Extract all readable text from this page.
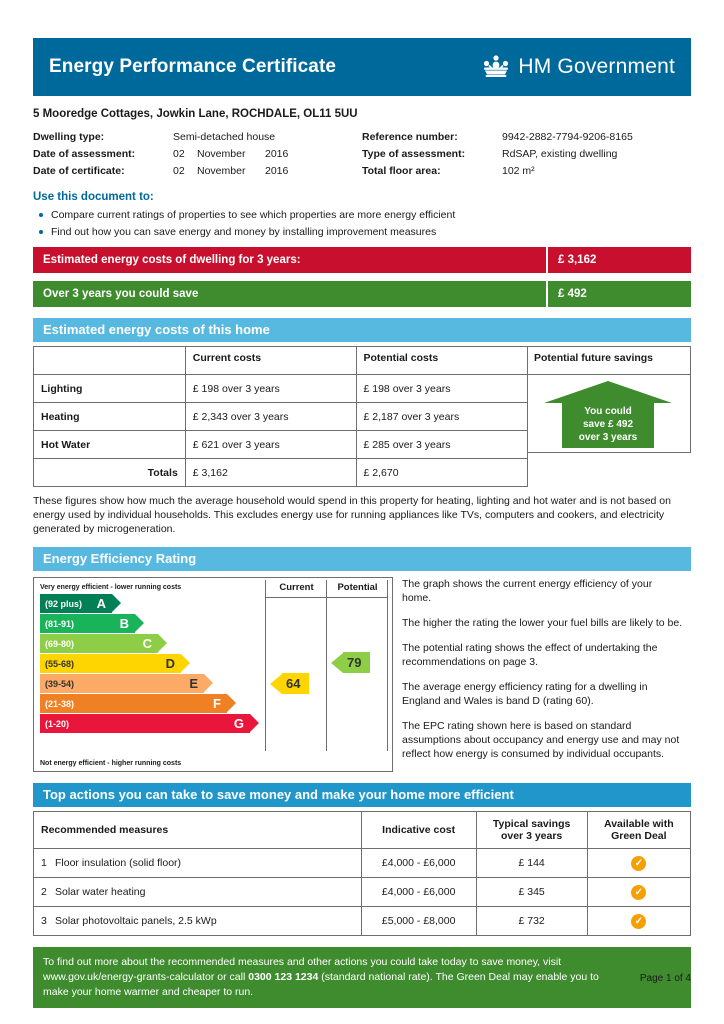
Energy Performance Certificate	HM Government
5 Mooredge Cottages, Jowkin Lane, ROCHDALE, OL11 5UU
Dwelling type:	Semi-detached house
Date of assessment:	02 November 2016
Date of certificate:	02 November 2016
Reference number:	9942-2882-7794-9206-8165
Type of assessment:	RdSAP, existing dwelling
Total floor area:	102 m²
Use this document to:
Compare current ratings of properties to see which properties are more energy efficient
Find out how you can save energy and money by installing improvement measures
Estimated energy costs of dwelling for 3 years:	£ 3,162
Over 3 years you could save	£ 492
Estimated energy costs of this home
	Current costs	Potential costs
Lighting	£ 198 over 3 years	£ 198 over 3 years
Heating	£ 2,343 over 3 years	£ 2,187 over 3 years
Hot Water	£ 621 over 3 years	£ 285 over 3 years
Totals	£ 3,162	£ 2,670
Potential future savings
You could
save £ 492
over 3 years
These figures show how much the average household would spend in this property for heating, lighting and hot water and is not based on energy used by individual households. This excludes energy use for running appliances like TVs, computers and cookers, and electricity generated by microgeneration.
Energy Efficiency Rating
Very energy efficient - lower running costs	Current	Potential
(92 plus) A
(81-91)	B
(69-80)	C
(55-68)	D
(39-54)	E
(21-38)	F
(1-20)	G
64
79
Not energy efficient - higher running costs

The graph shows the current energy efficiency of your home.

The higher the rating the lower your fuel bills are likely to be.

The potential rating shows the effect of undertaking the recommendations on page 3.

The average energy efficiency rating for a dwelling in England and Wales is band D (rating 60).

The EPC rating shown here is based on standard assumptions about occupancy and energy use and may not reflect how energy is consumed by individual occupants.

Top actions you can take to save money and make your home more efficient
Recommended measures	Indicative cost	Typical savings
over 3 years	Available with
Green Deal
1 Floor insulation (solid floor)	£4,000 - £6,000	£ 144	✓
2 Solar water heating	£4,000 - £6,000	£ 345	✓
3 Solar photovoltaic panels, 2.5 kWp	£5,000 - £8,000	£ 732	✓
To find out more about the recommended measures and other actions you could take today to save money, visit
www.gov.uk/energy-grants-calculator or call 0300 123 1234 (standard national rate). The Green Deal may enable you to
make your home warmer and cheaper to run.
Page 1 of 4
